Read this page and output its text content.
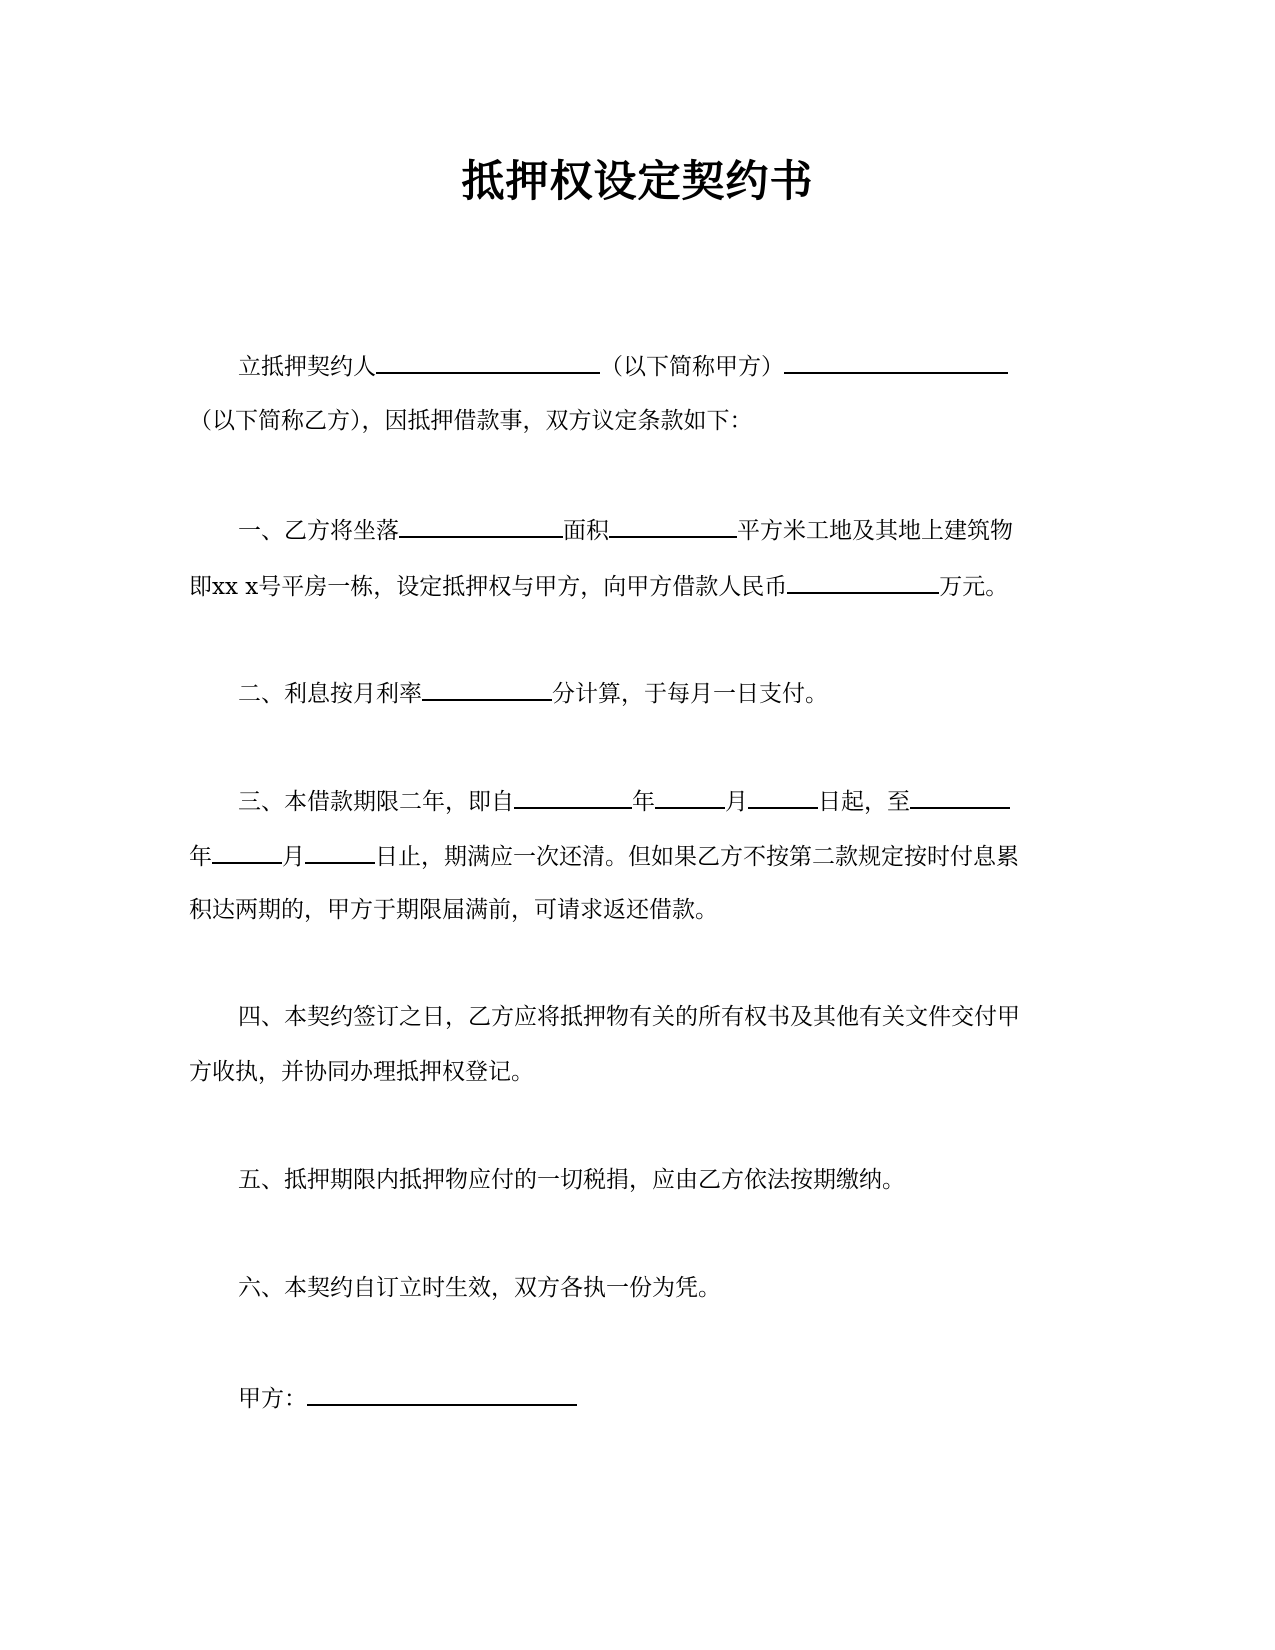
抵押权设定契约书
立抵押契约人	（以下简称甲方）
（以下简称乙方），因抵押借款事，双方议定条款如下：
一、乙方将坐落	面积	平方米工地及其地上建筑物
即xx x号平房一栋，设定抵押权与甲方，向甲方借款人民币	万元。
二、利息按月利率	分计算，于每月一日支付。
三、本借款期限二年，即自	年	月	日起，至
年	月	日止，期满应一次还清。但如果乙方不按第二款规定按时付息累
积达两期的，甲方于期限届满前，可请求返还借款。
四、本契约签订之日，乙方应将抵押物有关的所有权书及其他有关文件交付甲
方收执，并协同办理抵押权登记。
五、抵押期限内抵押物应付的一切税捐，应由乙方依法按期缴纳。
六、本契约自订立时生效，双方各执一份为凭。
甲方：
